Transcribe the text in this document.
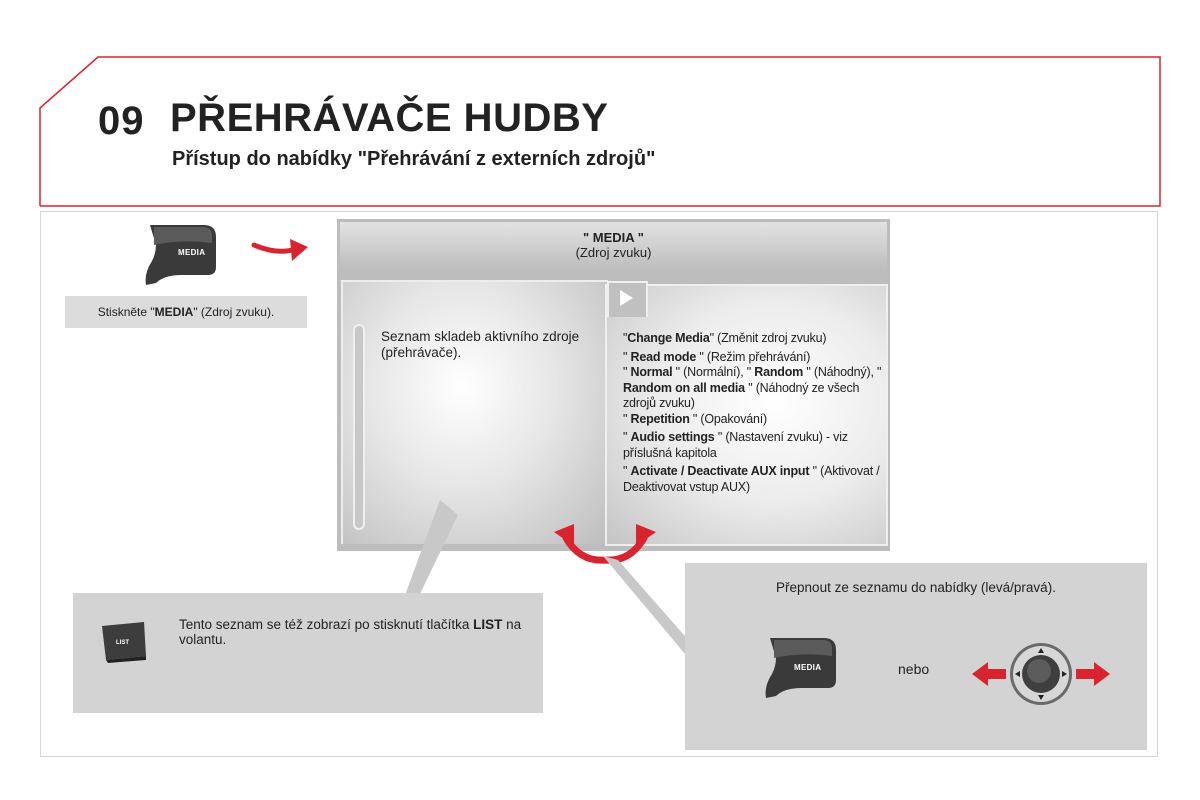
09 PŘEHRÁVAČE HUDBY
Přístup do nabídky "Přehrávání z externích zdrojů"
MEDIA
Stiskněte " MEDIA " (Zdroj zvuku).
" MEDIA "
(Zdroj zvuku)
Seznam skladeb aktivního zdroje (přehrávače).

"Change Media" (Změnit zdroj zvuku)

" Read mode " (Režim přehrávání)
" Normal " (Normální), " Random " (Náhodný), " Random on all media " (Náhodný ze všech zdrojů zvuku)
" Repetition " (Opakování)

" Audio settings " (Nastavení zvuku) - viz příslušná kapitola

" Activate / Deactivate AUX input " (Aktivovat / Deaktivovat vstup AUX)

LIST
Tento seznam se též zobrazí po stisknutí tlačítka LIST na volantu.
Přepnout ze seznamu do nabídky (levá/pravá).
MEDIA	nebo
